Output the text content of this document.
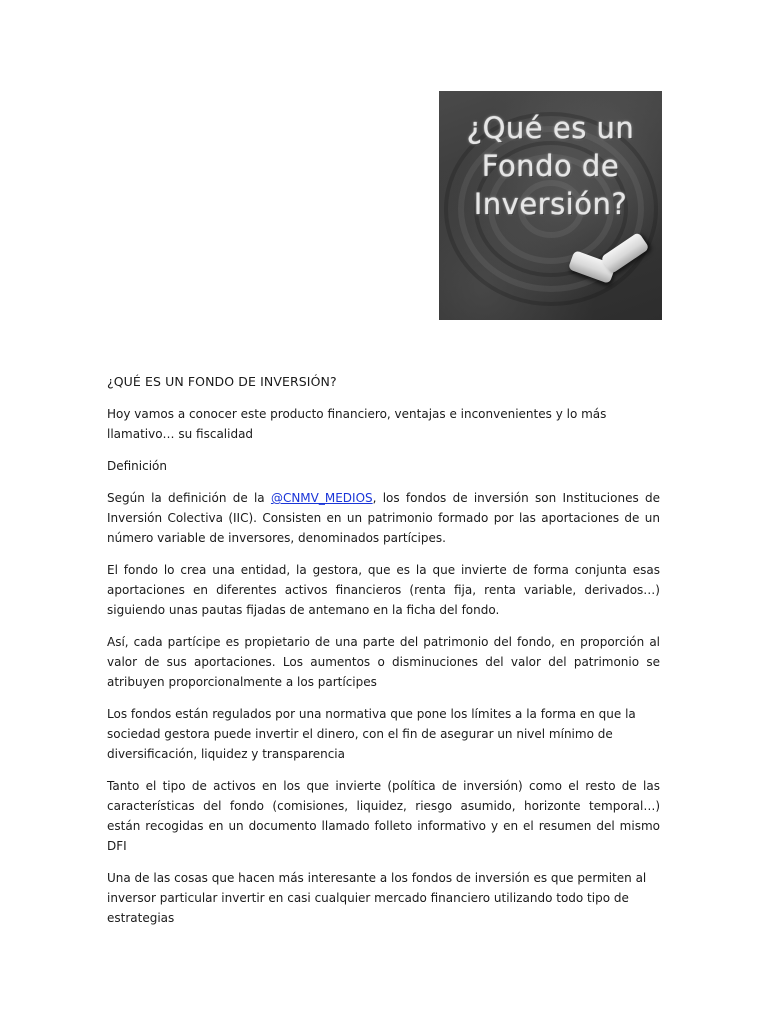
¿Qué es un
Fondo de
Inversión?
¿QUÉ ES UN FONDO DE INVERSIÓN?

Hoy vamos a conocer este producto financiero, ventajas e inconvenientes y lo más llamativo… su fiscalidad

Definición

Según la definición de la @CNMV_MEDIOS, los fondos de inversión son Instituciones de Inversión Colectiva (IIC). Consisten en un patrimonio formado por las aportaciones de un número variable de inversores, denominados partícipes.

El fondo lo crea una entidad, la gestora, que es la que invierte de forma conjunta esas aportaciones en diferentes activos financieros (renta fija, renta variable, derivados…) siguiendo unas pautas fijadas de antemano en la ficha del fondo.

Así, cada partícipe es propietario de una parte del patrimonio del fondo, en proporción al valor de sus aportaciones. Los aumentos o disminuciones del valor del patrimonio se atribuyen proporcionalmente a los partícipes

Los fondos están regulados por una normativa que pone los límites a la forma en que la sociedad gestora puede invertir el dinero, con el fin de asegurar un nivel mínimo de diversificación, liquidez y transparencia

Tanto el tipo de activos en los que invierte (política de inversión) como el resto de las características del fondo (comisiones, liquidez, riesgo asumido, horizonte temporal…) están recogidas en un documento llamado folleto informativo y en el resumen del mismo DFI

Una de las cosas que hacen más interesante a los fondos de inversión es que permiten al inversor particular invertir en casi cualquier mercado financiero utilizando todo tipo de estrategias
